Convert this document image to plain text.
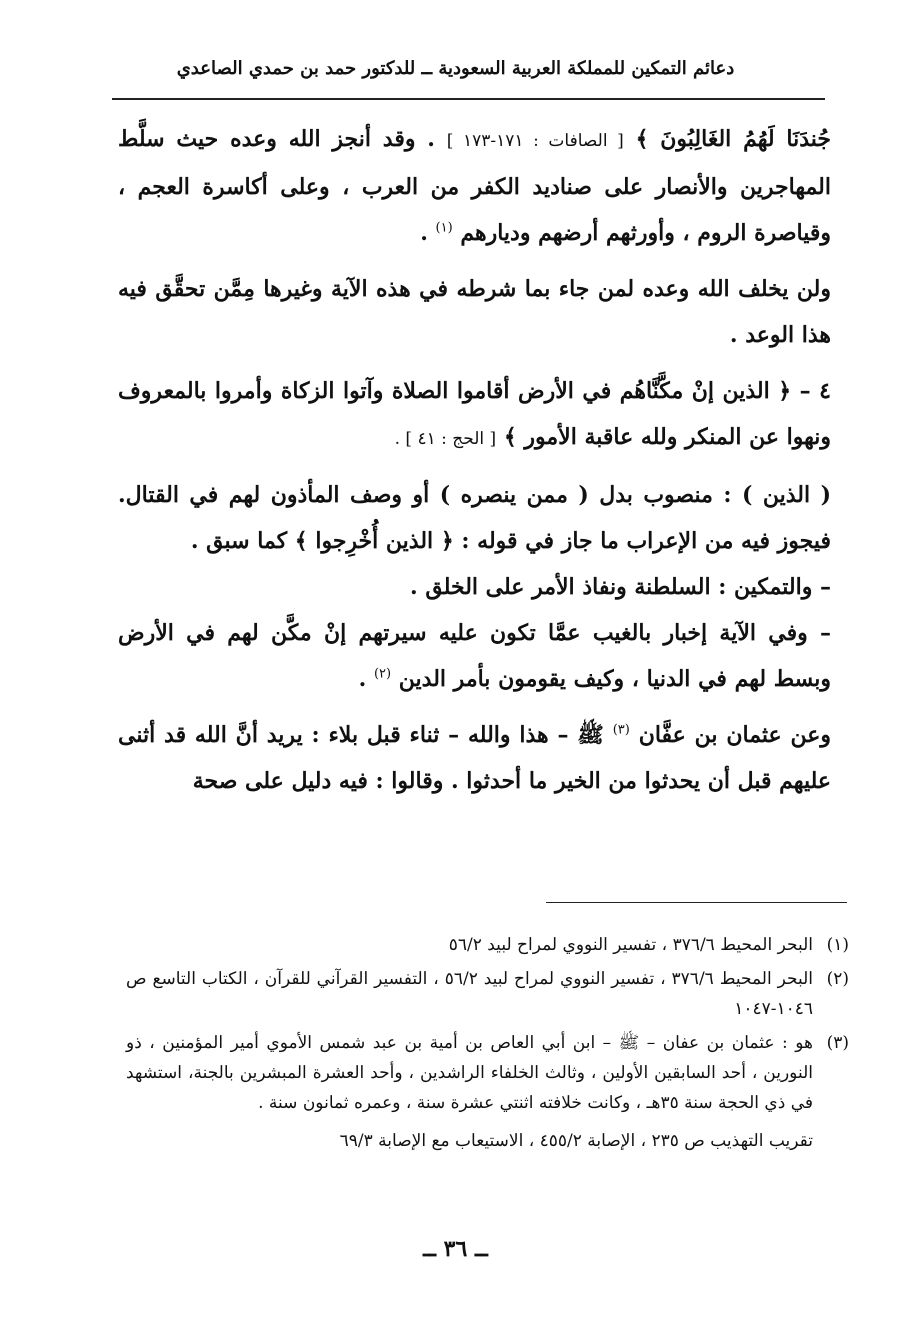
دعائم التمكين للمملكة العربية السعودية ــ للدكتور حمد بن حمدي الصاعدي

جُندَنَا لَهُمُ الغَالِبُونَ ﴾ [ الصافات : ١٧١-١٧٣ ] . وقد أنجز الله وعده حيث سلَّط المهاجرين والأنصار على صناديد الكفر من العرب ، وعلى أكاسرة العجم ، وقياصرة الروم ، وأورثهم أرضهم وديارهم $^{(١)}$ .

ولن يخلف الله وعده لمن جاء بما شرطه في هذه الآية وغيرها مِمَّن تحقَّق فيه هذا الوعد .

٤ – ﴿ الذين إنْ مكَّنَّاهُم في الأرض أقاموا الصلاة وآتوا الزكاة وأمروا بالمعروف ونهوا عن المنكر ولله عاقبة الأمور ﴾ [ الحج : ٤١ ] .

( الذين ) : منصوب بدل ( ممن ينصره ) أو وصف المأذون لهم في القتال. فيجوز فيه من الإعراب ما جاز في قوله : ﴿ الذين أُخْرِجوا ﴾ كما سبق .

– والتمكين : السلطنة ونفاذ الأمر على الخلق .

– وفي الآية إخبار بالغيب عمَّا تكون عليه سيرتهم إنْ مكَّن لهم في الأرض وبسط لهم في الدنيا ، وكيف يقومون بأمر الدين $^{(٢)}$ .

وعن عثمان بن عفَّان $^{(٣)}$ ﷺ – هذا والله – ثناء قبل بلاء : يريد أنَّ الله قد أثنى عليهم قبل أن يحدثوا من الخير ما أحدثوا . وقالوا : فيه دليل على صحة

(١)
البحر المحيط ٣٧٦/٦ ، تفسير النووي لمراح لبيد ٥٦/٢
(٢)
البحر المحيط ٣٧٦/٦ ، تفسير النووي لمراح لبيد ٥٦/٢ ، التفسير القرآني للقرآن ، الكتاب التاسع ص ١٠٤٦-١٠٤٧
(٣)
هو : عثمان بن عفان – ﷺ – ابن أبي العاص بن أمية بن عبد شمس الأموي أمير المؤمنين ، ذو النورين ، أحد السابقين الأولين ، وثالث الخلفاء الراشدين ، وأحد العشرة المبشرين بالجنة، استشهد في ذي الحجة سنة ٣٥هـ ، وكانت خلافته اثنتي عشرة سنة ، وعمره ثمانون سنة .
تقريب التهذيب ص ٢٣٥ ، الإصابة ٤٥٥/٢ ، الاستيعاب مع الإصابة ٦٩/٣
ــ ٣٦ ــ
